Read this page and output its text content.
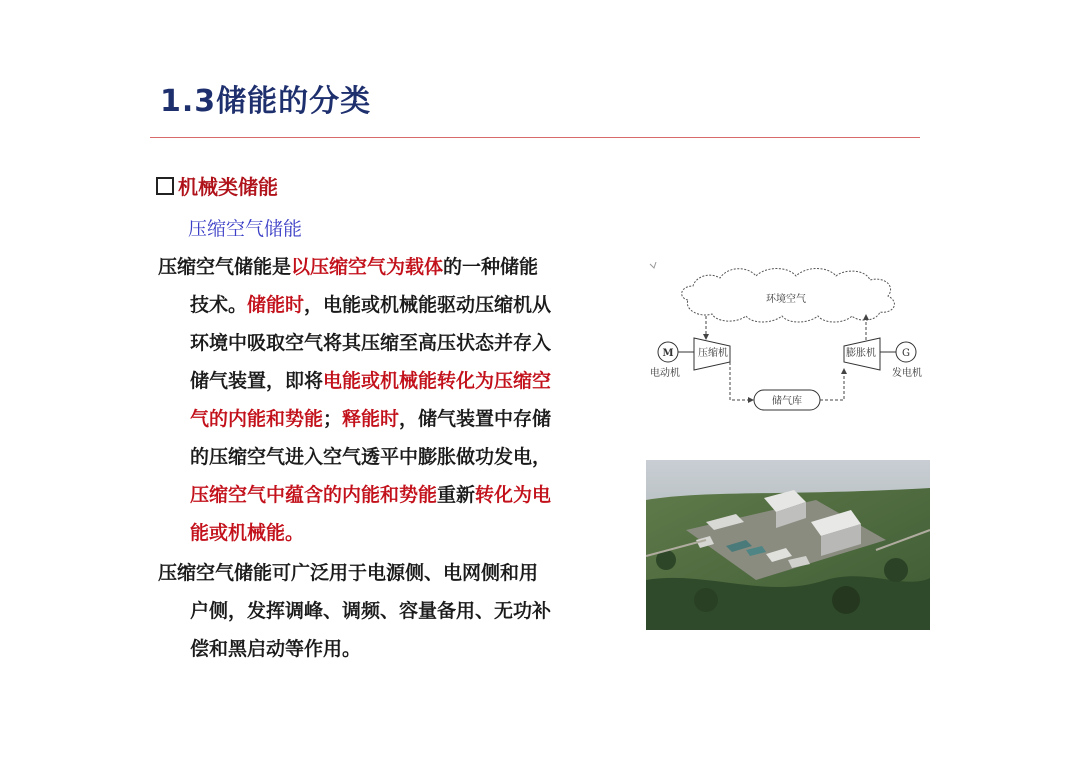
1.3储能的分类
机械类储能
压缩空气储能
压缩空气储能是以压缩空气为载体的一种储能
技术。储能时，电能或机械能驱动压缩机从
环境中吸取空气将其压缩至高压状态并存入
储气装置，即将电能或机械能转化为压缩空
气的内能和势能；释能时，储气装置中存储
的压缩空气进入空气透平中膨胀做功发电，
压缩空气中蕴含的内能和势能重新转化为电
能或机械能。
压缩空气储能可广泛用于电源侧、电网侧和用
户侧，发挥调峰、调频、容量备用、无功补
偿和黑启动等作用。
环境空气
M
电动机
压缩机
储气库
膨胀机	G
发电机
